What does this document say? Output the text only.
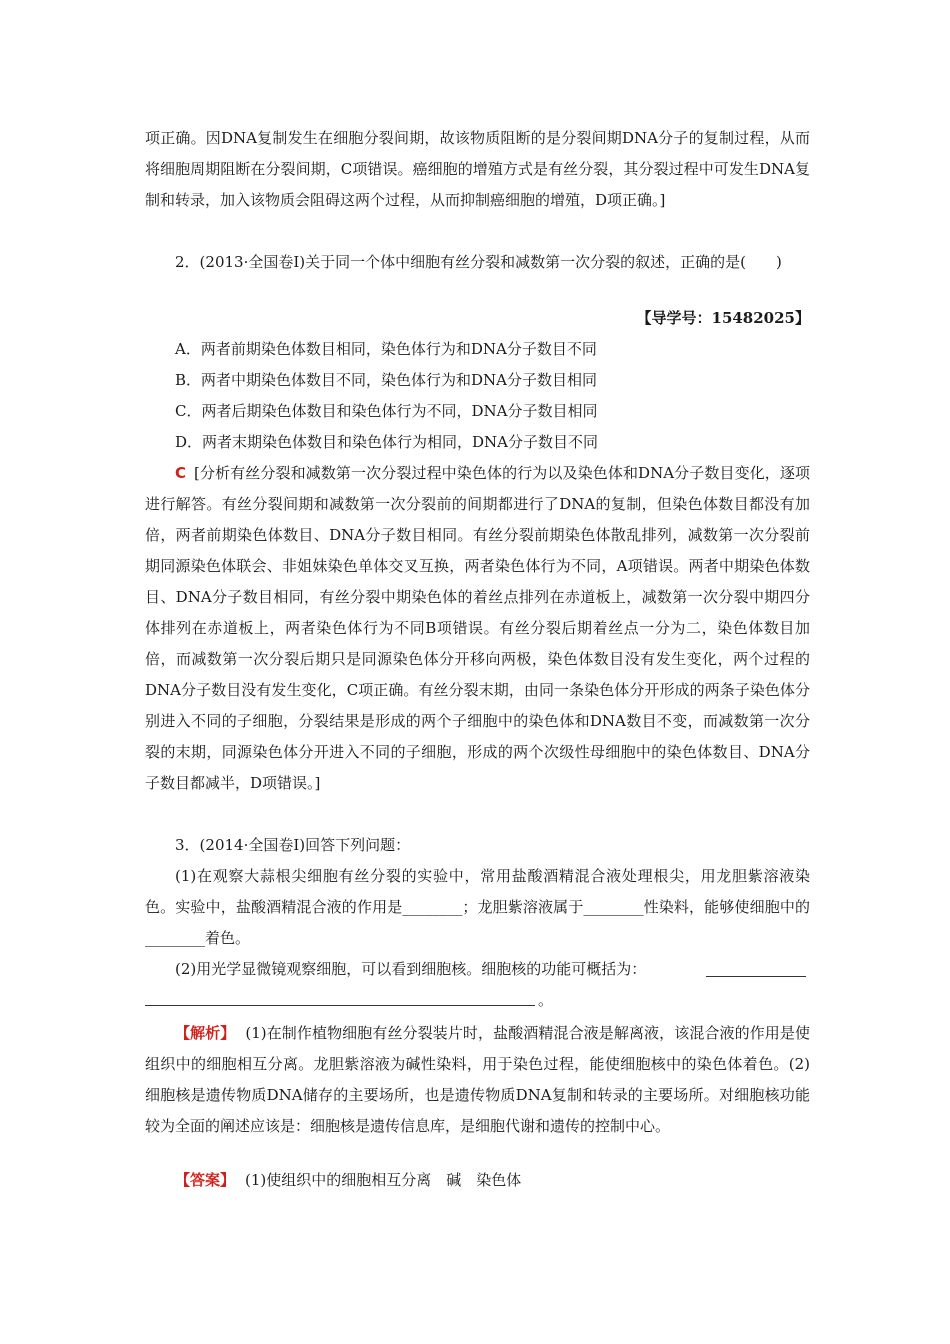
项正确。因DNA复制发生在细胞分裂间期，故该物质阻断的是分裂间期DNA分子的复制过程，从而将细胞周期阻断在分裂间期，C项错误。癌细胞的增殖方式是有丝分裂，其分裂过程中可发生DNA复制和转录，加入该物质会阻碍这两个过程，从而抑制癌细胞的增殖，D项正确。]

2．(2013·全国卷Ⅰ)关于同一个体中细胞有丝分裂和减数第一次分裂的叙述，正确的是(　　)

【导学号：15482025】
A．两者前期染色体数目相同，染色体行为和DNA分子数目不同
B．两者中期染色体数目不同，染色体行为和DNA分子数目相同
C．两者后期染色体数目和染色体行为不同，DNA分子数目相同
D．两者末期染色体数目和染色体行为相同，DNA分子数目不同

C [分析有丝分裂和减数第一次分裂过程中染色体的行为以及染色体和DNA分子数目变化，逐项进行解答。有丝分裂间期和减数第一次分裂前的间期都进行了DNA的复制，但染色体数目都没有加倍，两者前期染色体数目、DNA分子数目相同。有丝分裂前期染色体散乱排列，减数第一次分裂前期同源染色体联会、非姐妹染色单体交叉互换，两者染色体行为不同，A项错误。两者中期染色体数目、DNA分子数目相同，有丝分裂中期染色体的着丝点排列在赤道板上，减数第一次分裂中期四分体排列在赤道板上，两者染色体行为不同B项错误。有丝分裂后期着丝点一分为二，染色体数目加倍，而减数第一次分裂后期只是同源染色体分开移向两极，染色体数目没有发生变化，两个过程的DNA分子数目没有发生变化，C项正确。有丝分裂末期，由同一条染色体分开形成的两条子染色体分别进入不同的子细胞，分裂结果是形成的两个子细胞中的染色体和DNA数目不变，而减数第一次分裂的末期，同源染色体分开进入不同的子细胞，形成的两个次级性母细胞中的染色体数目、DNA分子数目都减半，D项错误。]

3．(2014·全国卷Ⅰ)回答下列问题：

(1)在观察大蒜根尖细胞有丝分裂的实验中，常用盐酸酒精混合液处理根尖，用龙胆紫溶液染色。实验中，盐酸酒精混合液的作用是________；龙胆紫溶液属于________性染料，能够使细胞中的________着色。

(2)用光学显微镜观察细胞，可以看到细胞核。细胞核的功能可概括为：

。

【解析】 (1)在制作植物细胞有丝分裂装片时，盐酸酒精混合液是解离液，该混合液的作用是使组织中的细胞相互分离。龙胆紫溶液为碱性染料，用于染色过程，能使细胞核中的染色体着色。(2)细胞核是遗传物质DNA储存的主要场所，也是遗传物质DNA复制和转录的主要场所。对细胞核功能较为全面的阐述应该是：细胞核是遗传信息库，是细胞代谢和遗传的控制中心。

【答案】 (1)使组织中的细胞相互分离　碱　染色体
